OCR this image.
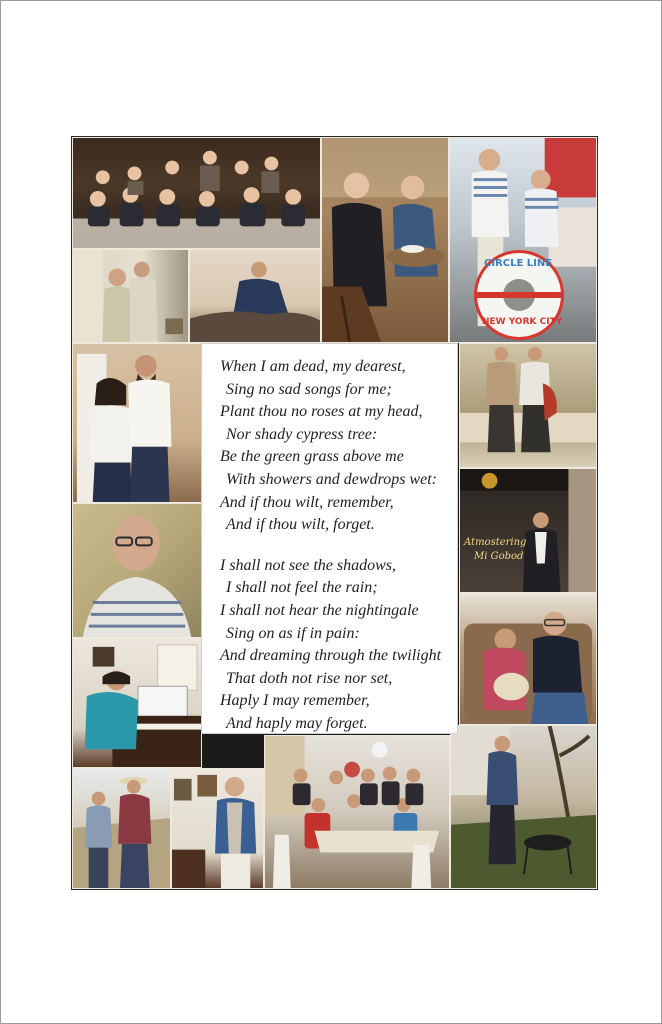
CIRCLE LINE
NEW YORK CITY
Atmostering
Mi Gobod
When I am dead, my dearest,
Sing no sad songs for me;
Plant thou no roses at my head,
Nor shady cypress tree:
Be the green grass above me
With showers and dewdrops wet:
And if thou wilt, remember,
And if thou wilt, forget.
I shall not see the shadows,
I shall not feel the rain;
I shall not hear the nightingale
Sing on as if in pain:
And dreaming through the twilight
That doth not rise nor set,
Haply I may remember,
And haply may forget.
